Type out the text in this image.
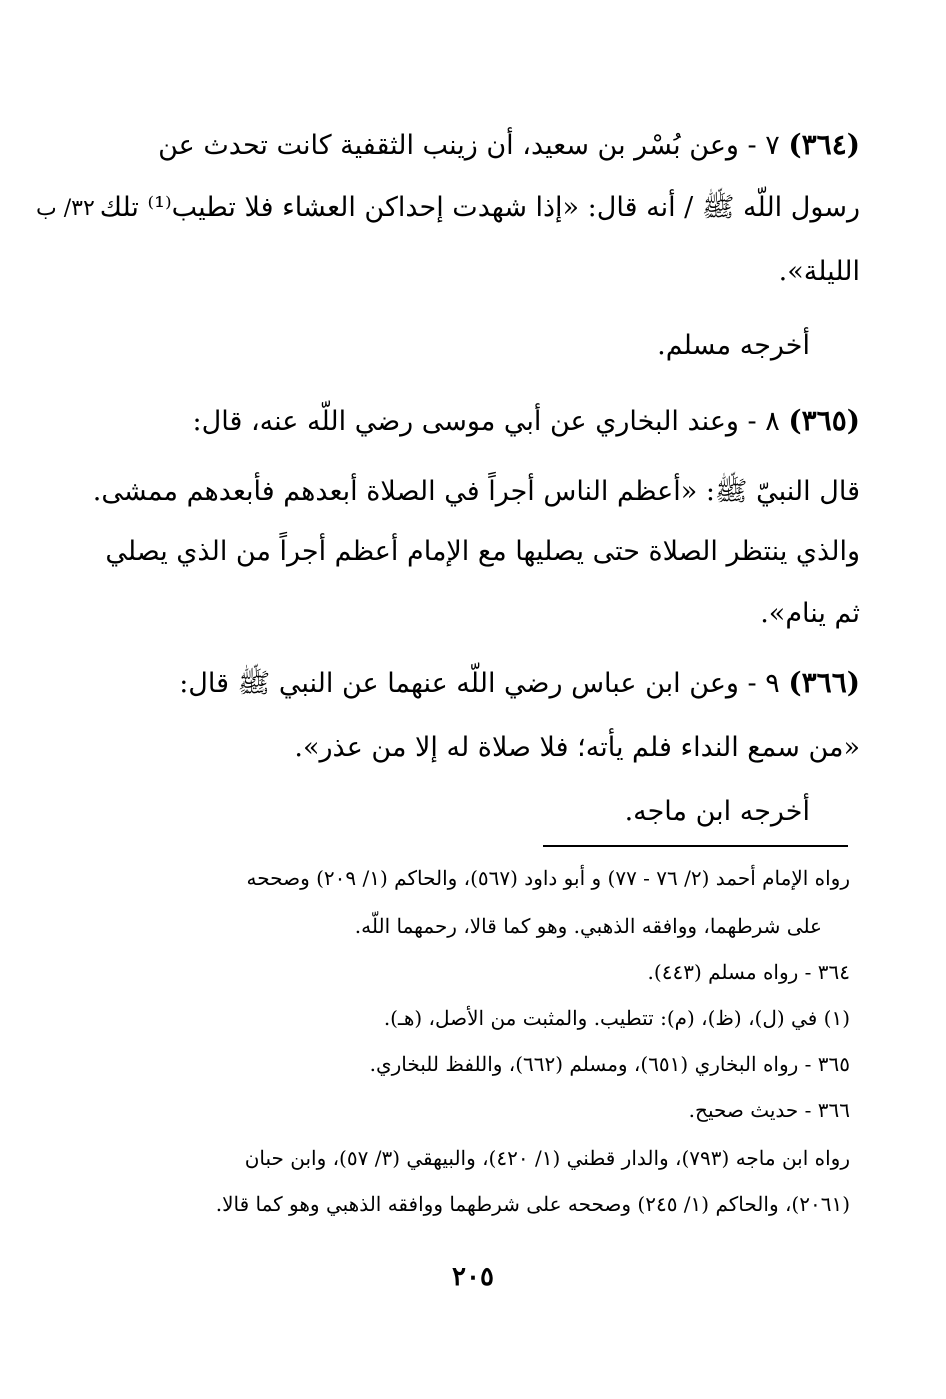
٣٢/ ب
(٣٦٤) ٧ - وعن بُسْر بن سعيد، أن زينب الثقفية كانت تحدث عن
رسول اللّه ﷺ / أنه قال: «إذا شهدت إحداكن العشاء فلا تطيب⁽¹⁾ تلك
الليلة».
أخرجه مسلم.
(٣٦٥) ٨ - وعند البخاري عن أبي موسى رضي اللّه عنه، قال:
قال النبيّ ﷺ: «أعظم الناس أجراً في الصلاة أبعدهم فأبعدهم ممشى.
والذي ينتظر الصلاة حتى يصليها مع الإمام أعظم أجراً من الذي يصلي
ثم ينام».
(٣٦٦) ٩ - وعن ابن عباس رضي اللّه عنهما عن النبي ﷺ قال:
«من سمع النداء فلم يأته؛ فلا صلاة له إلا من عذر».
أخرجه ابن ماجه.
رواه الإمام أحمد (٢/ ٧٦ - ٧٧) و أبو داود (٥٦٧)، والحاكم (١/ ٢٠٩) وصححه
على شرطهما، ووافقه الذهبي. وهو كما قالا، رحمهما اللّه.
٣٦٤ - رواه مسلم (٤٤٣).
(١) في (ل)، (ظ)، (م): تتطيب. والمثبت من الأصل، (هـ).
٣٦٥ - رواه البخاري (٦٥١)، ومسلم (٦٦٢)، واللفظ للبخاري.
٣٦٦ - حديث صحيح.
رواه ابن ماجه (٧٩٣)، والدار قطني (١/ ٤٢٠)، والبيهقي (٣/ ٥٧)، وابن حبان
(٢٠٦١)، والحاكم (١/ ٢٤٥) وصححه على شرطهما ووافقه الذهبي وهو كما قالا.
٢٠٥
